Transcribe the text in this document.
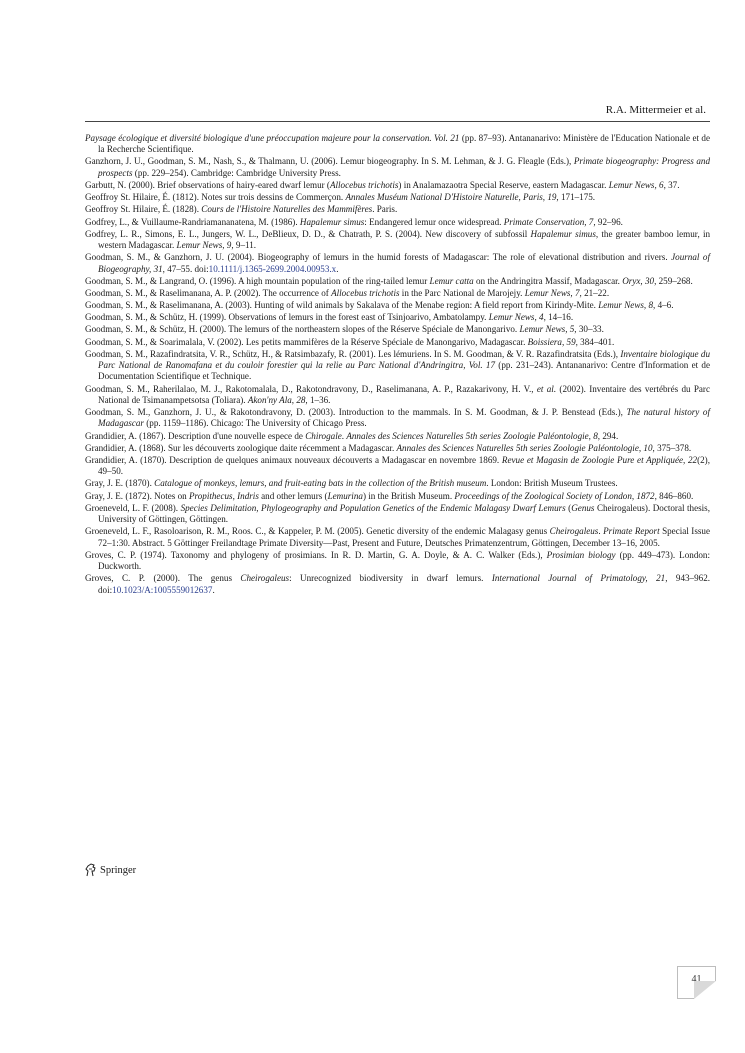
R.A. Mittermeier et al.

Paysage écologique et diversité biologique d'une préoccupation majeure pour la conservation. Vol. 21 (pp. 87–93). Antananarivo: Ministère de l'Education Nationale et de la Recherche Scientifique.

Ganzhorn, J. U., Goodman, S. M., Nash, S., & Thalmann, U. (2006). Lemur biogeography. In S. M. Lehman, & J. G. Fleagle (Eds.), Primate biogeography: Progress and prospects (pp. 229–254). Cambridge: Cambridge University Press.

Garbutt, N. (2000). Brief observations of hairy-eared dwarf lemur (Allocebus trichotis) in Analamazaotra Special Reserve, eastern Madagascar. Lemur News, 6, 37.

Geoffroy St. Hilaire, É. (1812). Notes sur trois dessins de Commerçon. Annales Muséum National D'Histoire Naturelle, Paris, 19, 171–175.

Geoffroy St. Hilaire, É. (1828). Cours de l'Histoire Naturelles des Mammifères. Paris.

Godfrey, L., & Vuillaume-Randriamananatena, M. (1986). Hapalemur simus: Endangered lemur once widespread. Primate Conservation, 7, 92–96.

Godfrey, L. R., Simons, E. L., Jungers, W. L., DeBlieux, D. D., & Chatrath, P. S. (2004). New discovery of subfossil Hapalemur simus, the greater bamboo lemur, in western Madagascar. Lemur News, 9, 9–11.

Goodman, S. M., & Ganzhorn, J. U. (2004). Biogeography of lemurs in the humid forests of Madagascar: The role of elevational distribution and rivers. Journal of Biogeography, 31, 47–55. doi:10.1111/j.1365-2699.2004.00953.x.

Goodman, S. M., & Langrand, O. (1996). A high mountain population of the ring-tailed lemur Lemur catta on the Andringitra Massif, Madagascar. Oryx, 30, 259–268.

Goodman, S. M., & Raselimanana, A. P. (2002). The occurrence of Allocebus trichotis in the Parc National de Marojejy. Lemur News, 7, 21–22.

Goodman, S. M., & Raselimanana, A. (2003). Hunting of wild animals by Sakalava of the Menabe region: A field report from Kirindy-Mite. Lemur News, 8, 4–6.

Goodman, S. M., & Schütz, H. (1999). Observations of lemurs in the forest east of Tsinjoarivo, Ambatolampy. Lemur News, 4, 14–16.

Goodman, S. M., & Schütz, H. (2000). The lemurs of the northeastern slopes of the Réserve Spéciale de Manongarivo. Lemur News, 5, 30–33.

Goodman, S. M., & Soarimalala, V. (2002). Les petits mammifères de la Réserve Spéciale de Manongarivo, Madagascar. Boissiera, 59, 384–401.

Goodman, S. M., Razafindratsita, V. R., Schütz, H., & Ratsimbazafy, R. (2001). Les lémuriens. In S. M. Goodman, & V. R. Razafindratsita (Eds.), Inventaire biologique du Parc National de Ranomafana et du couloir forestier qui la relie au Parc National d'Andringitra, Vol. 17 (pp. 231–243). Antananarivo: Centre d'Information et de Documentation Scientifique et Technique.

Goodman, S. M., Raherilalao, M. J., Rakotomalala, D., Rakotondravony, D., Raselimanana, A. P., Razakarivony, H. V., et al. (2002). Inventaire des vertébrés du Parc National de Tsimanampetsotsa (Toliara). Akon'ny Ala, 28, 1–36.

Goodman, S. M., Ganzhorn, J. U., & Rakotondravony, D. (2003). Introduction to the mammals. In S. M. Goodman, & J. P. Benstead (Eds.), The natural history of Madagascar (pp. 1159–1186). Chicago: The University of Chicago Press.

Grandidier, A. (1867). Description d'une nouvelle espece de Chirogale. Annales des Sciences Naturelles 5th series Zoologie Paléontologie, 8, 294.

Grandidier, A. (1868). Sur les découverts zoologique daite récemment a Madagascar. Annales des Sciences Naturelles 5th series Zoologie Paléontologie, 10, 375–378.

Grandidier, A. (1870). Description de quelques animaux nouveaux découverts a Madagascar en novembre 1869. Revue et Magasin de Zoologie Pure et Appliquée, 22(2), 49–50.

Gray, J. E. (1870). Catalogue of monkeys, lemurs, and fruit-eating bats in the collection of the British museum. London: British Museum Trustees.

Gray, J. E. (1872). Notes on Propithecus, Indris and other lemurs (Lemurina) in the British Museum. Proceedings of the Zoological Society of London, 1872, 846–860.

Groeneveld, L. F. (2008). Species Delimitation, Phylogeography and Population Genetics of the Endemic Malagasy Dwarf Lemurs (Genus Cheirogaleus). Doctoral thesis, University of Göttingen, Göttingen.

Groeneveld, L. F., Rasoloarison, R. M., Roos. C., & Kappeler, P. M. (2005). Genetic diversity of the endemic Malagasy genus Cheirogaleus. Primate Report Special Issue 72–1:30. Abstract. 5 Göttinger Freilandtage Primate Diversity—Past, Present and Future, Deutsches Primatenzentrum, Göttingen, December 13–16, 2005.

Groves, C. P. (1974). Taxonomy and phylogeny of prosimians. In R. D. Martin, G. A. Doyle, & A. C. Walker (Eds.), Prosimian biology (pp. 449–473). London: Duckworth.

Groves, C. P. (2000). The genus Cheirogaleus: Unrecognized biodiversity in dwarf lemurs. International Journal of Primatology, 21, 943–962. doi:10.1023/A:1005559012637.

Springer
41
